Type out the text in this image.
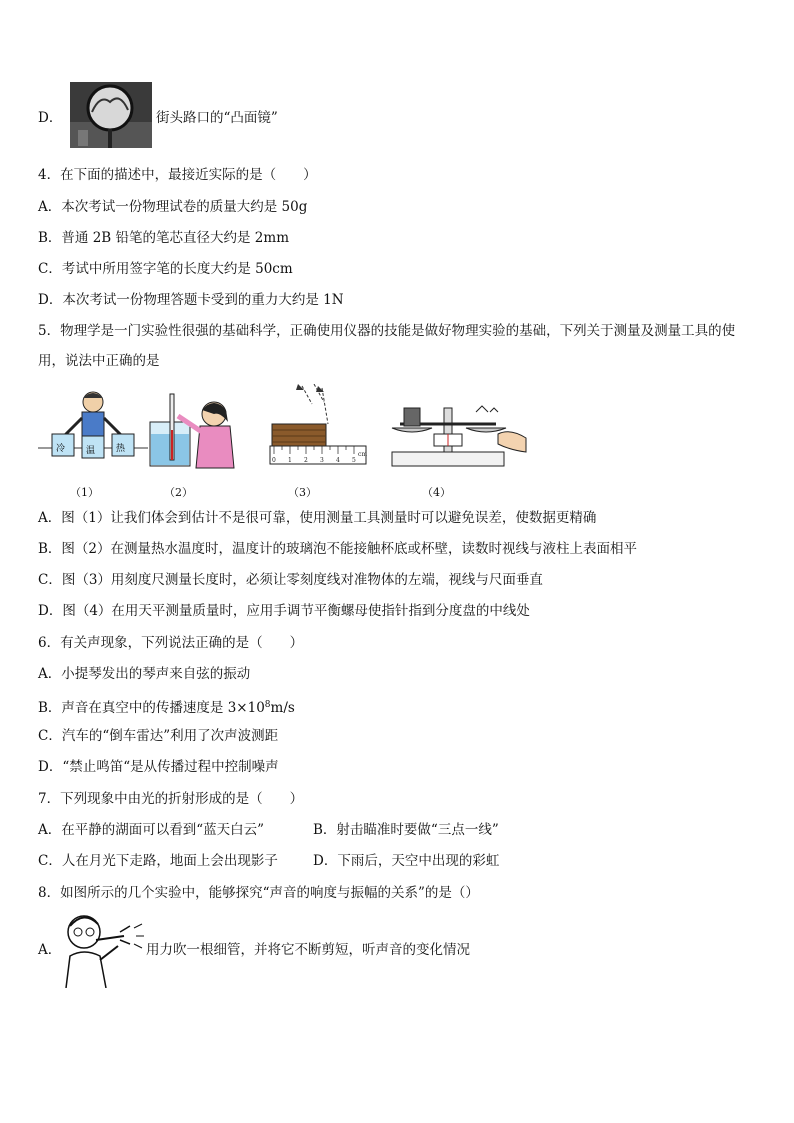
D．	街头路口的“凸面镜”
4．在下面的描述中，最接近实际的是（　　）
A．本次考试一份物理试卷的质量大约是 50g
B．普通 2B 铅笔的笔芯直径大约是 2mm
C．考试中所用签字笔的长度大约是 50cm
D．本次考试一份物理答题卡受到的重力大约是 1N
5．物理学是一门实验性很强的基础科学，正确使用仪器的技能是做好物理实验的基础，下列关于测量及测量工具的使用，说法中正确的是
冷 温 热
0 1 2 3 4 5
cm
（1）	（2）	（3）	（4）
A．图（1）让我们体会到估计不是很可靠，使用测量工具测量时可以避免误差，使数据更精确
B．图（2）在测量热水温度时，温度计的玻璃泡不能接触杯底或杯壁，读数时视线与液柱上表面相平
C．图（3）用刻度尺测量长度时，必须让零刻度线对准物体的左端，视线与尺面垂直
D．图（4）在用天平测量质量时，应用手调节平衡螺母使指针指到分度盘的中线处
6．有关声现象，下列说法正确的是（　　）
A．小提琴发出的琴声来自弦的振动
B．声音在真空中的传播速度是 $3\times 10^8m/s$
C．汽车的“倒车雷达”利用了次声波测距
D．“禁止鸣笛“是从传播过程中控制噪声
7．下列现象中由光的折射形成的是（　　）
A．在平静的湖面可以看到“蓝天白云”	B．射击瞄准时要做“三点一线”
C．人在月光下走路，地面上会出现影子	D．下雨后，天空中出现的彩虹
8．如图所示的几个实验中，能够探究“声音的响度与振幅的关系”的是（）
A．	用力吹一根细管，并将它不断剪短，听声音的变化情况
